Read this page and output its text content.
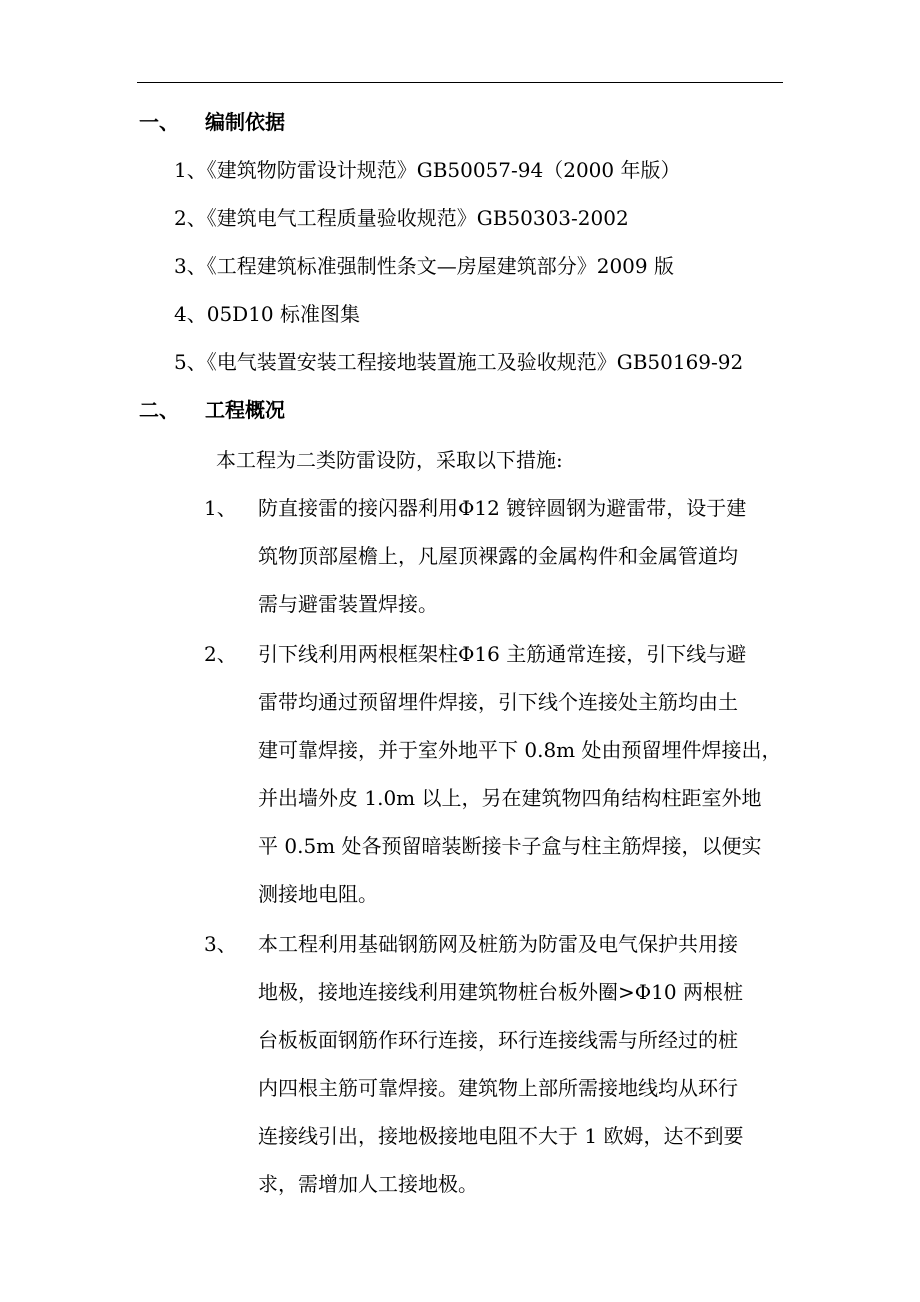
一、 编制依据
1、《建筑物防雷设计规范》GB50057-94（2000 年版）
2、《建筑电气工程质量验收规范》GB50303-2002
3、《工程建筑标准强制性条文—房屋建筑部分》2009 版
4、05D10 标准图集
5、《电气装置安装工程接地装置施工及验收规范》GB50169-92
二、 工程概况
本工程为二类防雷设防，采取以下措施:
1、 防直接雷的接闪器利用Φ12 镀锌圆钢为避雷带，设于建
筑物顶部屋檐上，凡屋顶裸露的金属构件和金属管道均
需与避雷装置焊接。
2、 引下线利用两根框架柱Φ16 主筋通常连接，引下线与避
雷带均通过预留埋件焊接，引下线个连接处主筋均由土
建可靠焊接，并于室外地平下 0.8m 处由预留埋件焊接出，
并出墙外皮 1.0m 以上，另在建筑物四角结构柱距室外地
平 0.5m 处各预留暗装断接卡子盒与柱主筋焊接，以便实
测接地电阻。
3、 本工程利用基础钢筋网及桩筋为防雷及电气保护共用接
地极，接地连接线利用建筑物桩台板外圈>Φ10 两根桩
台板板面钢筋作环行连接，环行连接线需与所经过的桩
内四根主筋可靠焊接。建筑物上部所需接地线均从环行
连接线引出，接地极接地电阻不大于 1 欧姆，达不到要
求，需增加人工接地极。
